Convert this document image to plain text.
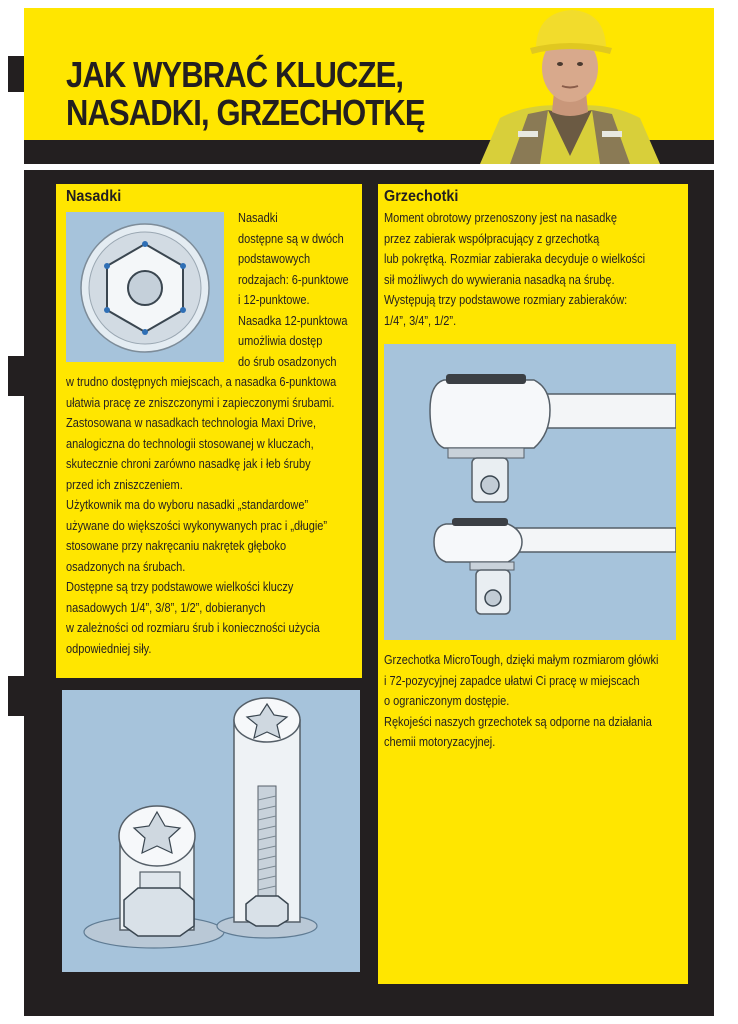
JAK WYBRAĆ KLUCZE,
NASADKI, GRZECHOTKĘ
Nasadki
Nasadki
dostępne są w dwóch
podstawowych
rodzajach: 6-punktowe
i 12-punktowe.
Nasadka 12-punktowa
umożliwia dostęp
do śrub osadzonych
w trudno dostępnych miejscach, a nasadka 6-punktowa
ułatwia pracę ze zniszczonymi i zapieczonymi śrubami.
Zastosowana w nasadkach technologia Maxi Drive,
analogiczna do technologii stosowanej w kluczach,
skutecznie chroni zarówno nasadkę jak i łeb śruby
przed ich zniszczeniem.
Użytkownik ma do wyboru nasadki „standardowe”
używane do większości wykonywanych prac i „długie”
stosowane przy nakręcaniu nakrętek głęboko
osadzonych na śrubach.
Dostępne są trzy podstawowe wielkości kluczy
nasadowych 1/4”, 3/8”, 1/2”, dobieranych
w zależności od rozmiaru śrub i konieczności użycia
odpowiedniej siły.
Grzechotki
Moment obrotowy przenoszony jest na nasadkę
przez zabierak współpracujący z grzechotką
lub pokrętką. Rozmiar zabieraka decyduje o wielkości
sił możliwych do wywierania nasadką na śrubę.
Występują trzy podstawowe rozmiary zabieraków:
1/4”, 3/4”, 1/2”.
Grzechotka MicroTough, dzięki małym rozmiarom główki
i 72-pozycyjnej zapadce ułatwi Ci pracę w miejscach
o ograniczonym dostępie.
Rękojeści naszych grzechotek są odporne na działania
chemii motoryzacyjnej.
